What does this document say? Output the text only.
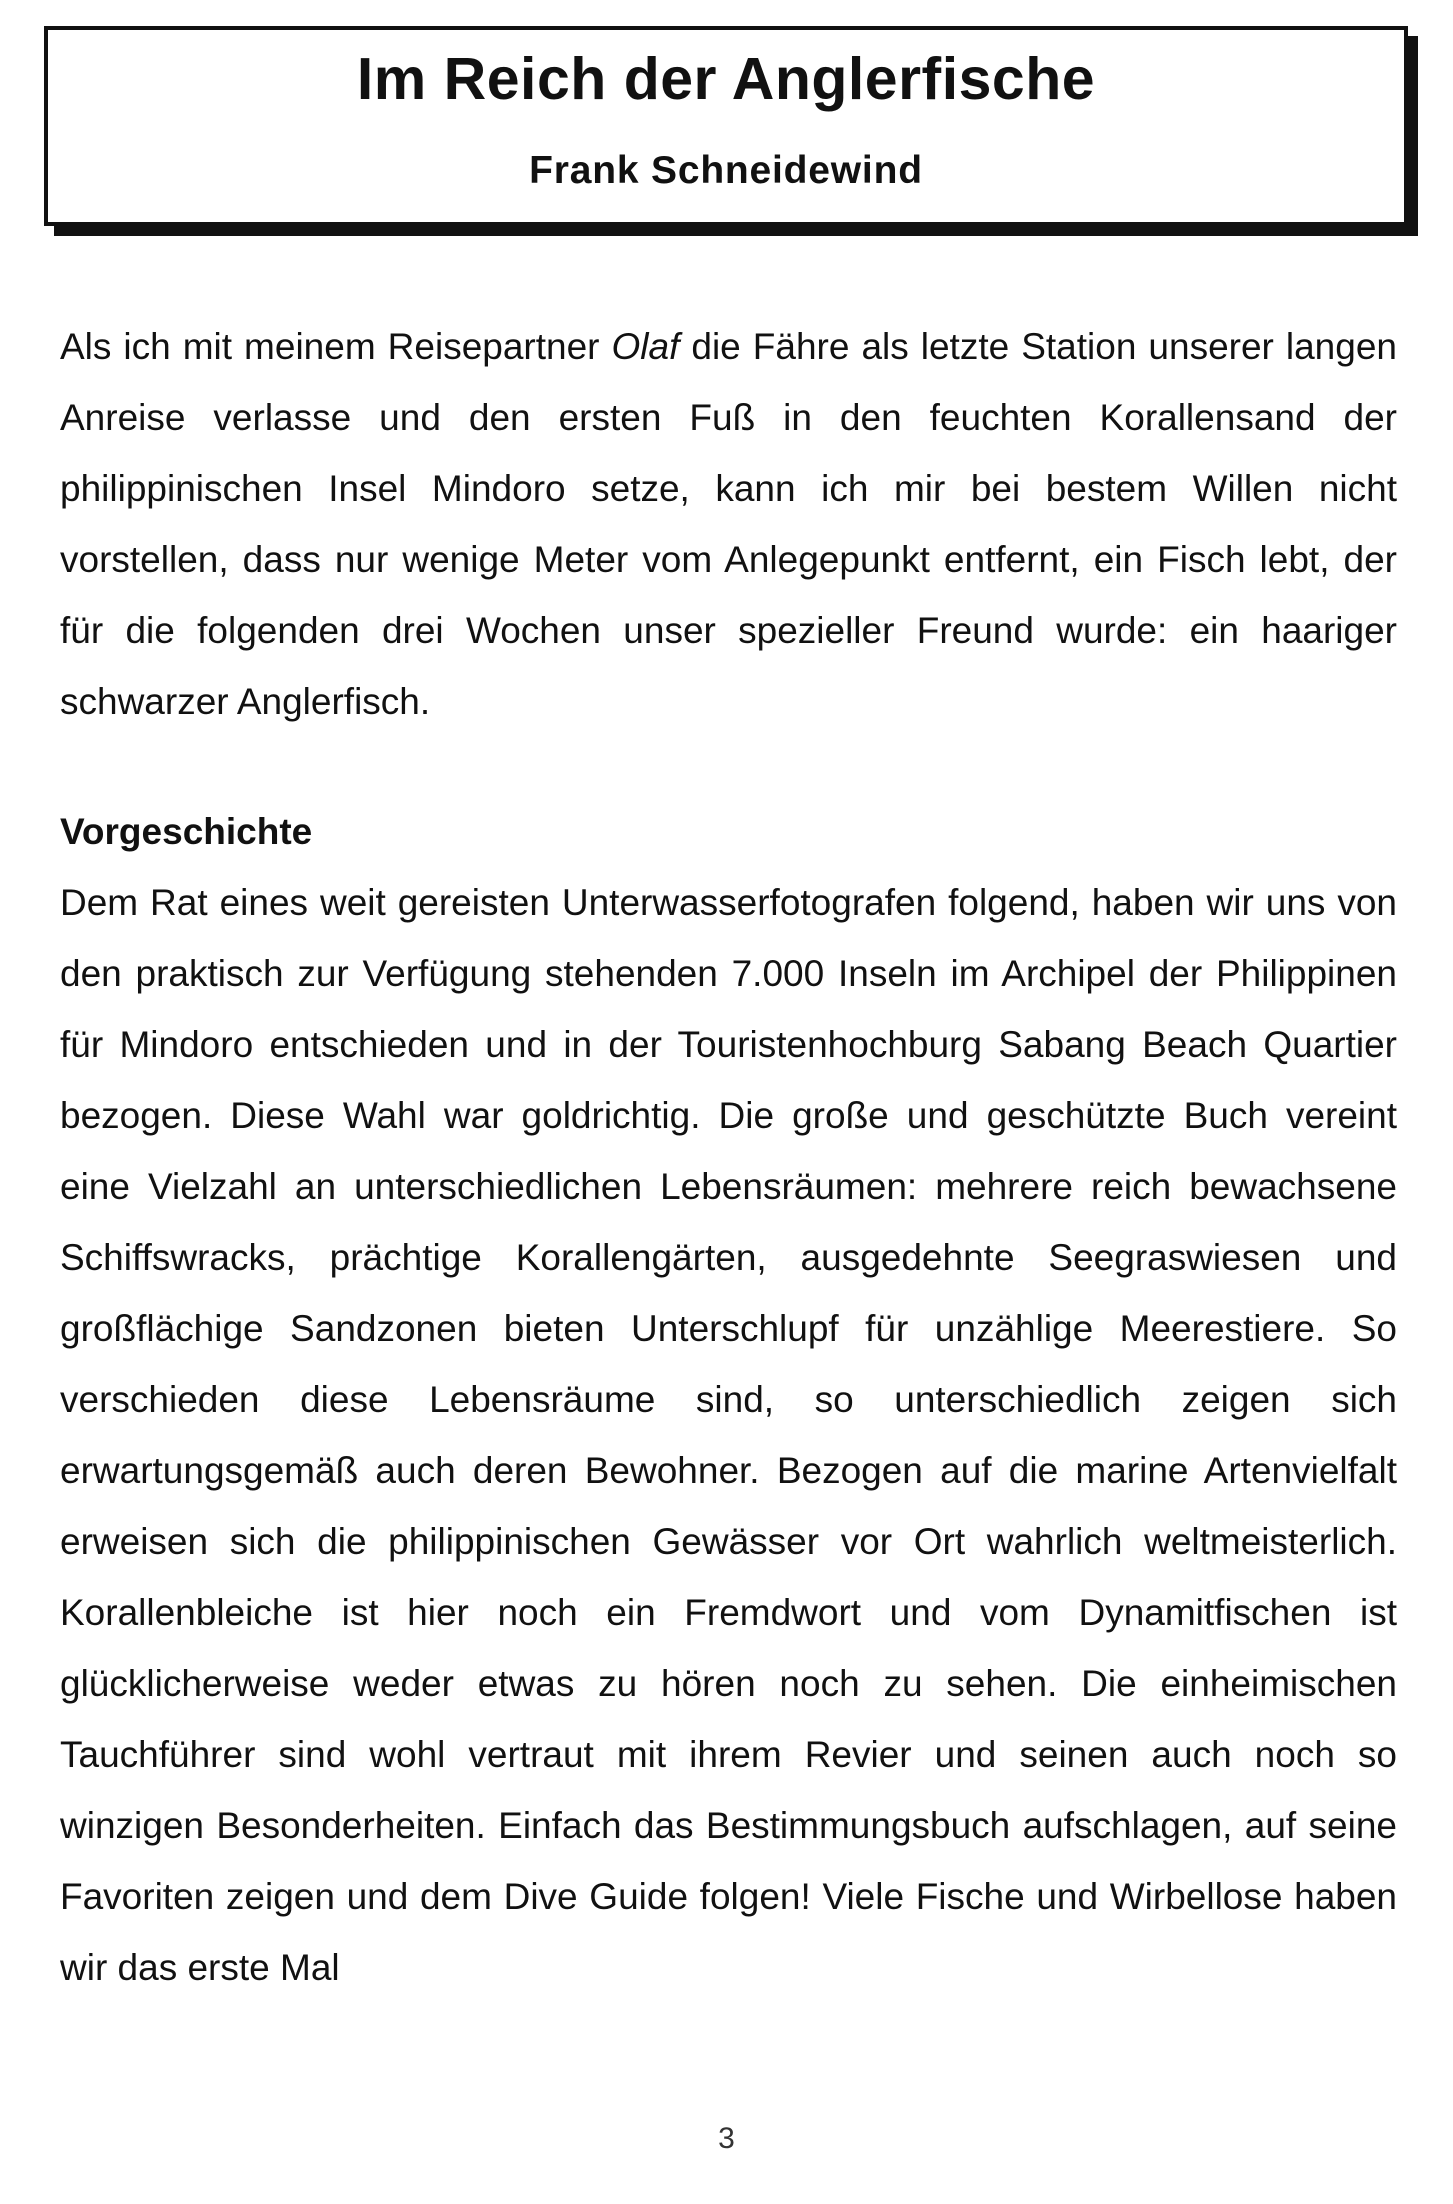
Im Reich der Anglerfische
Frank Schneidewind

Als ich mit meinem Reisepartner Olaf die Fähre als letzte Station unserer langen Anreise verlasse und den ersten Fuß in den feuchten Korallensand der philippinischen Insel Mindoro setze, kann ich mir bei bestem Willen nicht vorstellen, dass nur wenige Meter vom Anlegepunkt entfernt, ein Fisch lebt, der für die folgenden drei Wochen unser spezieller Freund wurde: ein haariger schwarzer Anglerfisch.

Vorgeschichte

Dem Rat eines weit gereisten Unterwasserfotografen folgend, haben wir uns von den praktisch zur Verfügung stehenden 7.000 Inseln im Archipel der Philippinen für Mindoro entschieden und in der Touristenhochburg Sabang Beach Quartier bezogen. Diese Wahl war goldrichtig. Die große und geschützte Buch vereint eine Vielzahl an unterschiedlichen Lebensräumen: mehrere reich bewachsene Schiffswracks, prächtige Korallengärten, ausgedehnte Seegraswiesen und großflächige Sandzonen bieten Unterschlupf für unzählige Meerestiere. So verschieden diese Lebensräume sind, so unterschiedlich zeigen sich erwartungsgemäß auch deren Bewohner. Bezogen auf die marine Artenvielfalt erweisen sich die philippinischen Gewässer vor Ort wahrlich weltmeisterlich. Korallenbleiche ist hier noch ein Fremdwort und vom Dynamitfischen ist glücklicherweise weder etwas zu hören noch zu sehen. Die einheimischen Tauchführer sind wohl vertraut mit ihrem Revier und seinen auch noch so winzigen Besonderheiten. Einfach das Bestimmungsbuch aufschlagen, auf seine Favoriten zeigen und dem Dive Guide folgen! Viele Fische und Wirbellose haben wir das erste Mal

3
